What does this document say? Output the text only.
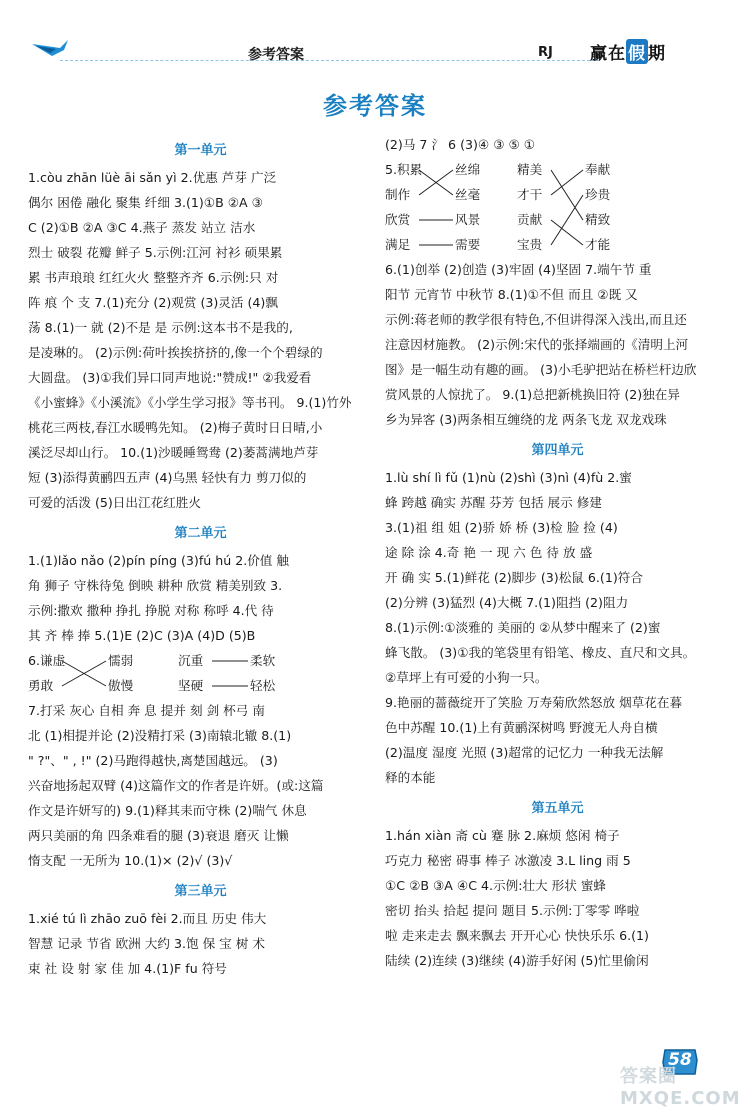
参考答案	RJ 赢在 假 期
参考答案
第一单元
1.còu zhān lüè āi sǎn yì 2.优惠 芦芽 广泛
偶尔 困倦 融化 聚集 纤细 3.(1)①B ②A ③
C (2)①B ②A ③C 4.燕子 蒸发 站立 洁水
烈士 破裂 花瓣 鲜子 5.示例:江河 衬衫 硕果累
累 书声琅琅 红红火火 整整齐齐 6.示例:只 对
阵 痕 个 支 7.(1)充分 (2)观赏 (3)灵活 (4)飘
荡 8.(1)一 就 (2)不是 是 示例:这本书不是我的,
是凌琳的。 (2)示例:荷叶挨挨挤挤的,像一个个碧绿的
大圆盘。 (3)①我们异口同声地说:"赞成!" ②我爱看
《小蜜蜂》《小溪流》《小学生学习报》等书刊。 9.(1)竹外
桃花三两枝,春江水暖鸭先知。 (2)梅子黄时日日晴,小
溪泛尽却山行。 10.(1)沙暖睡鸳鸯 (2)萎蒿满地芦芽
短 (3)添得黄鹂四五声 (4)乌黑 轻快有力 剪刀似的
可爱的活泼 (5)日出江花红胜火
第二单元
1.(1)lǎo nǎo (2)pín píng (3)fú hú 2.价值 触
角 狮子 守株待兔 倒映 耕种 欣赏 精美别致 3.
示例:撒欢 撒种 挣扎 挣脱 对称 称呼 4.代 待
其 齐 棒 捧 5.(1)E (2)C (3)A (4)D (5)B
6.谦虚	懦弱	沉重	柔软
勇敢	傲慢	坚硬	轻松
7.打采 灰心 自相 奔 息 提并 刻 剑 杯弓 南
北 (1)相提并论 (2)没精打采 (3)南辕北辙 8.(1)
" ?"、" , !" (2)马跑得越快,离楚国越远。 (3)
兴奋地扬起双臂 (4)这篇作文的作者是许妍。(或:这篇
作文是许妍写的) 9.(1)释其耒而守株 (2)喘气 休息
两只美丽的角 四条难看的腿 (3)衰退 磨灭 让懒
惰支配 一无所为 10.(1)× (2)√ (3)√
第三单元
1.xié tú lì zhāo zuō fèi 2.而且 历史 伟大
智慧 记录 节省 欧洲 大约 3.饱 保 宝 树 术
束 社 设 射 家 佳 加 4.(1)F fu 符号
(2)马 7 氵 6 (3)④ ③ ⑤ ①
5.积累	丝绵	精美	奉献
制作	丝毫	才干	珍贵
欣赏	风景	贡献	精致
满足	需要	宝贵	才能
6.(1)创举 (2)创造 (3)牢固 (4)坚固 7.端午节 重
阳节 元宵节 中秋节 8.(1)①不但 而且 ②既 又
示例:蒋老师的教学很有特色,不但讲得深入浅出,而且还
注意因材施教。 (2)示例:宋代的张择端画的《清明上河
图》是一幅生动有趣的画。 (3)小毛驴把站在桥栏杆边欣
赏风景的人惊扰了。 9.(1)总把新桃换旧符 (2)独在异
乡为异客 (3)两条相互缠绕的龙 两条飞龙 双龙戏珠
第四单元
1.lù shí lì fǔ (1)nù (2)shì (3)nì (4)fù 2.蜜
蜂 跨越 确实 苏醒 芬芳 包括 展示 修建
3.(1)祖 组 姐 (2)骄 娇 桥 (3)检 脸 捡 (4)
途 除 涂 4.奇 艳 一 现 六 色 待 放 盛
开 确 实 5.(1)鲜花 (2)脚步 (3)松鼠 6.(1)符合
(2)分辨 (3)猛烈 (4)大概 7.(1)阻挡 (2)阻力
8.(1)示例:①淡雅的 美丽的 ②从梦中醒来了 (2)蜜
蜂飞散。 (3)①我的笔袋里有铅笔、橡皮、直尺和文具。
②草坪上有可爱的小狗一只。
9.艳丽的蔷薇绽开了笑脸 万寿菊欣然怒放 烟草花在暮
色中苏醒 10.(1)上有黄鹂深树鸣 野渡无人舟自横
(2)温度 湿度 光照 (3)超常的记忆力 一种我无法解
释的本能
第五单元
1.hán xiàn 斋 cù 蹇 脉 2.麻烦 悠闲 椅子
巧克力 秘密 碍事 棒子 冰激凌 3.L ling 雨 5
①C ②B ③A ④C 4.示例:壮大 形状 蜜蜂
密切 抬头 拾起 提问 题目 5.示例:丁零零 哗啦
啦 走来走去 飘来飘去 开开心心 快快乐乐 6.(1)
陆续 (2)连续 (3)继续 (4)游手好闲 (5)忙里偷闲
58
答案圈 MXQE.COM
